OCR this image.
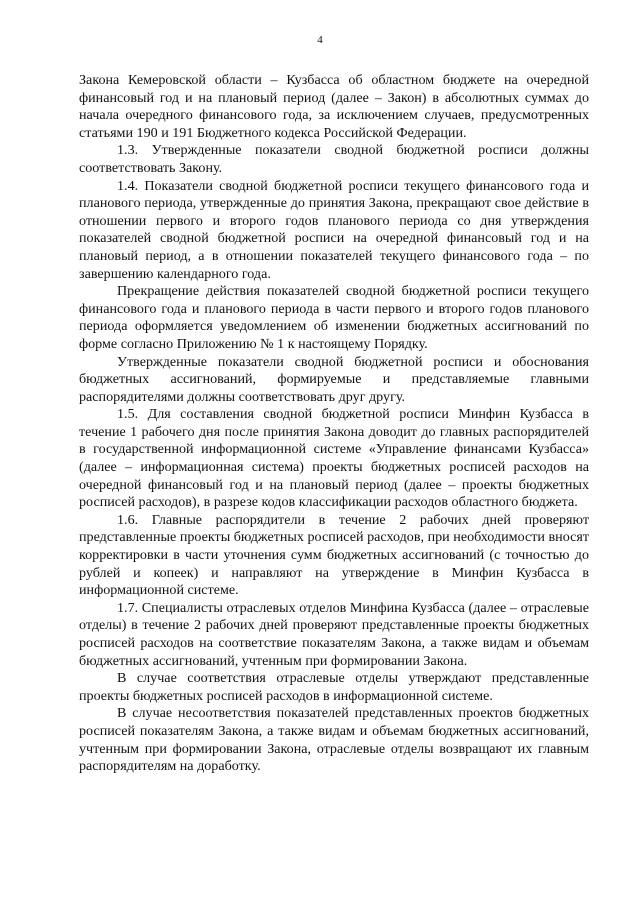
4

Закона Кемеровской области – Кузбасса об областном бюджете на очередной финансовый год и на плановый период (далее – Закон) в абсолютных суммах до начала очередного финансового года, за исключением случаев, предусмотренных статьями 190 и 191 Бюджетного кодекса Российской Федерации.

1.3. Утвержденные показатели сводной бюджетной росписи должны соответствовать Закону.

1.4. Показатели сводной бюджетной росписи текущего финансового года и планового периода, утвержденные до принятия Закона, прекращают свое действие в отношении первого и второго годов планового периода со дня утверждения показателей сводной бюджетной росписи на очередной финансовый год и на плановый период, а в отношении показателей текущего финансового года – по завершению календарного года.

Прекращение действия показателей сводной бюджетной росписи текущего финансового года и планового периода в части первого и второго годов планового периода оформляется уведомлением об изменении бюджетных ассигнований по форме согласно Приложению № 1 к настоящему Порядку.

Утвержденные показатели сводной бюджетной росписи и обоснования бюджетных ассигнований, формируемые и представляемые главными распорядителями должны соответствовать друг другу.

1.5. Для составления сводной бюджетной росписи Минфин Кузбасса в течение 1 рабочего дня после принятия Закона доводит до главных распорядителей в государственной информационной системе «Управление финансами Кузбасса» (далее – информационная система) проекты бюджетных росписей расходов на очередной финансовый год и на плановый период (далее – проекты бюджетных росписей расходов), в разрезе кодов классификации расходов областного бюджета.

1.6. Главные распорядители в течение 2 рабочих дней проверяют представленные проекты бюджетных росписей расходов, при необходимости вносят корректировки в части уточнения сумм бюджетных ассигнований (с точностью до рублей и копеек) и направляют на утверждение в Минфин Кузбасса в информационной системе.

1.7. Специалисты отраслевых отделов Минфина Кузбасса (далее – отраслевые отделы) в течение 2 рабочих дней проверяют представленные проекты бюджетных росписей расходов на соответствие показателям Закона, а также видам и объемам бюджетных ассигнований, учтенным при формировании Закона.

В случае соответствия отраслевые отделы утверждают представленные проекты бюджетных росписей расходов в информационной системе.

В случае несоответствия показателей представленных проектов бюджетных росписей показателям Закона, а также видам и объемам бюджетных ассигнований, учтенным при формировании Закона, отраслевые отделы возвращают их главным распорядителям на доработку.
